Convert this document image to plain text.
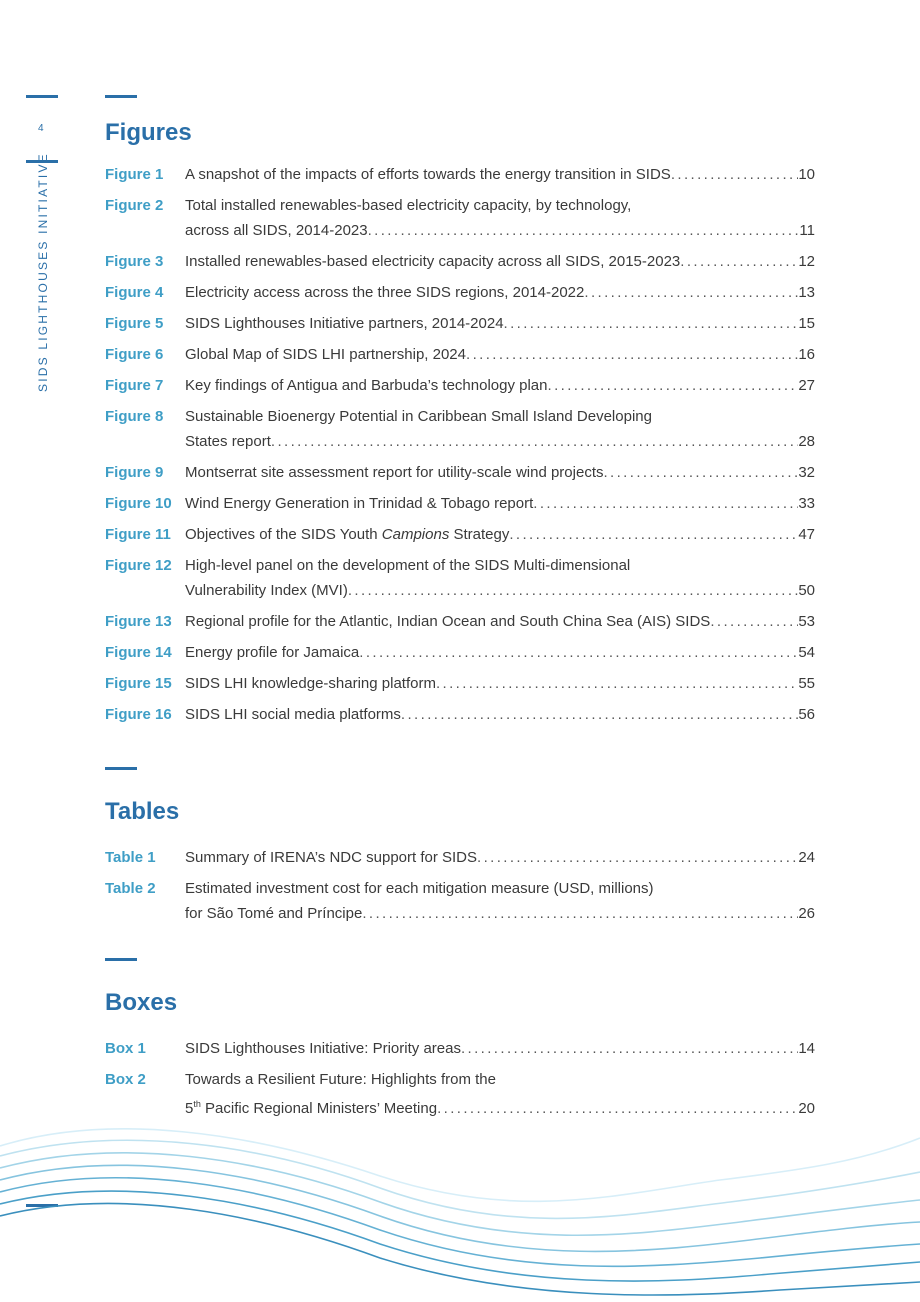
4
SIDS LIGHTHOUSES INITIATIVE
Figures
Figure 1	A snapshot of the impacts of efforts towards the energy transition in SIDS .....	10
Figure 2	Total installed renewables-based electricity capacity, by technology,
across all SIDS, 2014-2023 .....	11
Figure 3	Installed renewables-based electricity capacity across all SIDS, 2015-2023 .....	12
Figure 4	Electricity access across the three SIDS regions, 2014-2022 .....	13
Figure 5	SIDS Lighthouses Initiative partners, 2014-2024 .....	15
Figure 6	Global Map of SIDS LHI partnership, 2024 .....	16
Figure 7	Key findings of Antigua and Barbuda’s technology plan .....	27
Figure 8	Sustainable Bioenergy Potential in Caribbean Small Island Developing
States report .....	28
Figure 9	Montserrat site assessment report for utility-scale wind projects .....	32
Figure 10 Wind Energy Generation in Trinidad & Tobago report .....	33
Figure 11 Objectives of the SIDS Youth Campions Strategy .....	47
Figure 12 High-level panel on the development of the SIDS Multi-dimensional
Vulnerability Index (MVI) .....	50
Figure 13 Regional profile for the Atlantic, Indian Ocean and South China Sea (AIS) SIDS .....	53
Figure 14 Energy profile for Jamaica .....	54
Figure 15 SIDS LHI knowledge-sharing platform .....	55
Figure 16 SIDS LHI social media platforms .....	56
Tables
Table 1	Summary of IRENA’s NDC support for SIDS .....	24
Table 2	Estimated investment cost for each mitigation measure (USD, millions)
for São Tomé and Príncipe .....	26
Boxes
Box 1	SIDS Lighthouses Initiative: Priority areas .....	14
Box 2	Towards a Resilient Future: Highlights from the
5th Pacific Regional Ministers’ Meeting .....	20
